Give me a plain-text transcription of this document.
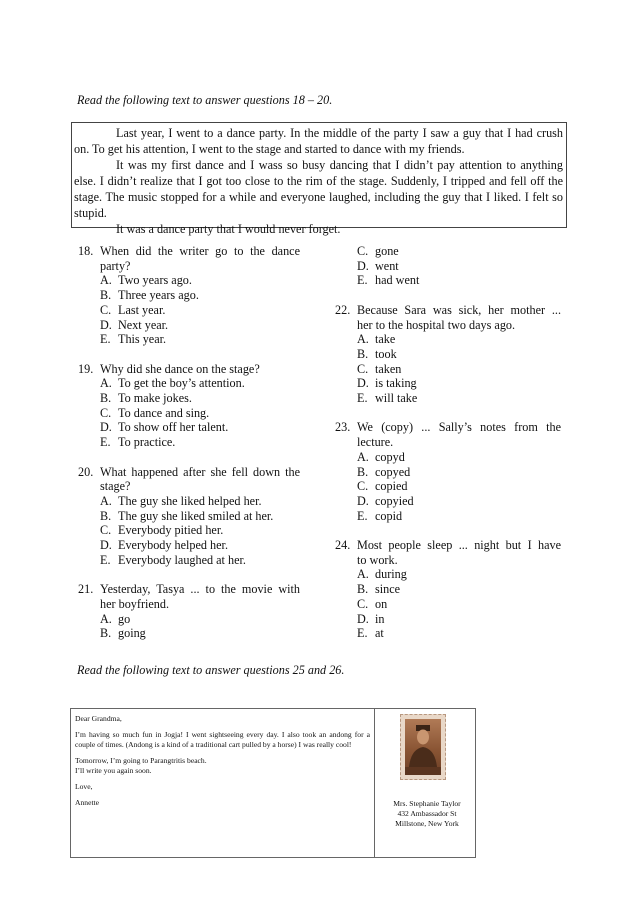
Read the following text to answer questions 18 – 20.

Last year, I went to a dance party. In the middle of the party I saw a guy that I had crush on. To get his attention, I went to the stage and started to dance with my friends.

It was my first dance and I wass so busy dancing that I didn’t pay attention to anything else. I didn’t realize that I got too close to the rim of the stage. Suddenly, I tripped and fell off the stage. The music stopped for a while and everyone laughed, including the guy that I liked. I felt so stupid.

It was a dance party that I would never forget.

18. When did the writer go to the dance
party?
A. Two years ago.
B. Three years ago.
C. Last year.
D. Next year.
E. This year.
19. Why did she dance on the stage?
A. To get the boy’s attention.
B. To make jokes.
C. To dance and sing.
D. To show off her talent.
E. To practice.
20. What happened after she fell down the
stage?
A. The guy she liked helped her.
B. The guy she liked smiled at her.
C. Everybody pitied her.
D. Everybody helped her.
E. Everybody laughed at her.
21. Yesterday, Tasya ... to the movie with
her boyfriend.
A. go
B. going
C. gone
D. went
E. had went
22. Because Sara was sick, her mother ...
her to the hospital two days ago.
A. take
B. took
C. taken
D. is taking
E. will take
23. We (copy) ... Sally’s notes from the
lecture.
A. copyd
B. copyed
C. copied
D. copyied
E. copid
24. Most people sleep ... night but I have
to work.
A. during
B. since
C. on
D. in
E. at
Read the following text to answer questions 25 and 26.

Dear Grandma,

I’m having so much fun in Jogja! I went sightseeing every day. I also took an andong for a couple of times. (Andong is a kind of a traditional cart pulled by a horse) I was really cool!

Tomorrow, I’m going to Parangtritis beach.

I’ll write you again soon.

Love,

Annette	Mrs. Stephanie Taylor
432 Ambassador St
Millstone, New York
